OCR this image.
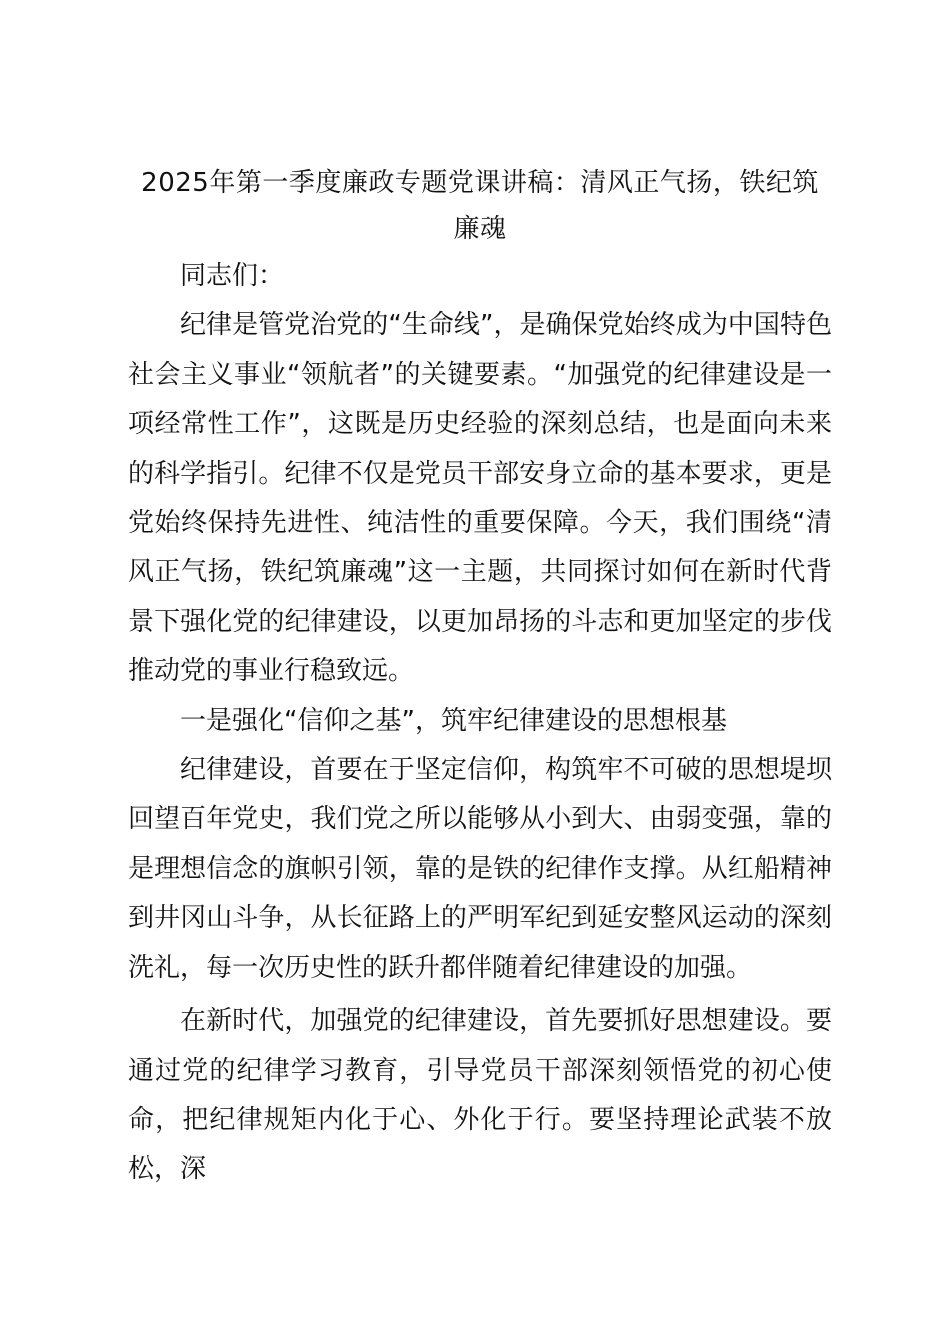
2025年第一季度廉政专题党课讲稿：清风正气扬，铁纪筑廉魂

同志们：

纪律是管党治党的“生命线”，是确保党始终成为中国特色社会主义事业“领航者”的关键要素。“加强党的纪律建设是一项经常性工作”，这既是历史经验的深刻总结，也是面向未来的科学指引。纪律不仅是党员干部安身立命的基本要求，更是党始终保持先进性、纯洁性的重要保障。今天，我们围绕“清风正气扬，铁纪筑廉魂”这一主题，共同探讨如何在新时代背景下强化党的纪律建设，以更加昂扬的斗志和更加坚定的步伐推动党的事业行稳致远。

一是强化“信仰之基”，筑牢纪律建设的思想根基

纪律建设，首要在于坚定信仰，构筑牢不可破的思想堤坝回望百年党史，我们党之所以能够从小到大、由弱变强，靠的是理想信念的旗帜引领，靠的是铁的纪律作支撑。从红船精神到井冈山斗争，从长征路上的严明军纪到延安整风运动的深刻洗礼，每一次历史性的跃升都伴随着纪律建设的加强。

在新时代，加强党的纪律建设，首先要抓好思想建设。要通过党的纪律学习教育，引导党员干部深刻领悟党的初心使命，把纪律规矩内化于心、外化于行。要坚持理论武装不放松，深
